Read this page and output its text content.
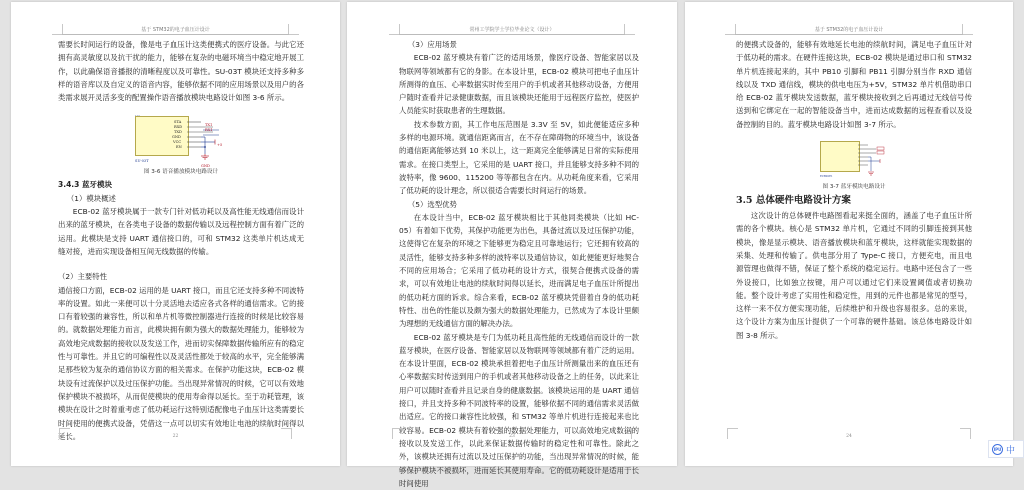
基于 STM32的电子血压计设计

需要长时间运行的设备，像是电子血压计这类便携式的医疗设备。与此它还拥有高灵敏度以及抗干扰的能力，能够在复杂的电磁环境当中稳定地开展工作，以此确保语音播报的清晰程度以及可靠性。SU-03T 模块还支持多种多样的语音库以及自定义的语音内容，能够依据不同的应用场景以及用户的各类需求展开灵活多变的配置操作语音播放模块电路设计如图 3-6 所示。

STA
RXD
TXD
GND
VCC
EN
TX1
RX1
+5
SU-03T
GND

图 3-6 语音播放模块电路设计

3.4.3 蓝牙模块

（1）模块概述

ECB-02 蓝牙模块属于一款专门针对低功耗以及高性能无线通信而设计出来的蓝牙模块，在各类电子设备的数据传输以及远程控制方面有着广泛的运用。此模块是支持 UART 通信接口的，可和 STM32 这类单片机达成无缝对接，进而实现设备相互间无线数据的传输。

（2）主要特性

通信接口方面，ECB-02 运用的是 UART 接口，而且它还支持多种不同波特率的设置。如此一来便可以十分灵活地去适应各式各样的通信需求。它的接口有着较强的兼容性，所以和单片机等微控制器进行连接的时候是比较容易的。就数据处理能力而言，此模块拥有颇为强大的数据处理能力，能够较为高效地完成数据的接收以及发送工作，进而切实保障数据传输所应有的稳定性与可靠性。并且它的可编程性以及灵活性都处于较高的水平，完全能够满足那些较为复杂的通信协议方面的相关需求。在保护功能这块，ECB-02 模块设有过流保护以及过压保护功能。当出现异常情况的时候，它可以有效地保护模块不被损坏，从而促使模块的使用寿命得以延长。至于功耗管理，该模块在设计之时着重考虑了低功耗运行这特别适配像电子血压计这类需要长时间使用的便携式设备，凭借这一点可以切实有效地让电池的续航时间得以延长。	22
常州工学院学士学位毕业论文（设计）

（3）应用场景

ECB-02 蓝牙模块有着广泛的适用场景，像医疗设备、智能家居以及物联网等领域都有它的身影。在本设计里，ECB-02 模块可把电子血压计所测得的血压、心率数据实时传至用户的手机或者其他移动设备，方便用户随时查看并记录健康数据，而且该模块还能用于远程医疗监控，使医护人员能实时获取患者的生理数据。

技术参数方面，其工作电压范围是 3.3V 至 5V，如此便能适应多种多样的电源环境。就通信距离而言，在不存在障碍物的环境当中，该设备的通信距离能够达到 10 米以上，这一距离完全能够满足日常的实际使用需求。在接口类型上，它采用的是 UART 接口，并且能够支持多种不同的波特率，像 9600、115200 等等都包含在内。从功耗角度来看，它采用了低功耗的设计理念，所以很适合需要长时间运行的场景。

（5）选型优势

在本设计当中，ECB-02 蓝牙模块相比于其他同类模块（比如 HC-05）有着如下优势，其保护功能更为出色，具备过流以及过压保护功能，这使得它在复杂的环境之下能够更为稳定且可靠地运行；它还拥有较高的灵活性，能够支持多种多样的波特率以及通信协议，如此便能更好地契合不同的应用场合；它采用了低功耗的设计方式，很契合便携式设备的需求，可以有效地让电池的续航时间得以延长，进而满足电子血压计所提出的低功耗方面的诉求。综合来看，ECB-02 蓝牙模块凭借着自身的低功耗特性、出色的性能以及颇为强大的数据处理能力，已然成为了本设计里颇为理想的无线通信方面的解决办法。

ECB-02 蓝牙模块是专门为低功耗且高性能的无线通信而设计的一款蓝牙模块，在医疗设备、智能家居以及物联网等领域都有着广泛的运用。在本设计里面，ECB-02 模块承担着把电子血压计所测量出来的血压还有心率数据实时传送到用户的手机或者其他移动设备之上的任务，以此来让用户可以随时查看并且记录自身的健康数据。该模块运用的是 UART 通信接口，并且支持多种不同波特率的设置，能够依据不同的通信需求灵活做出适应。它的接口兼容性比较强，和 STM32 等单片机进行连接起来也比较容易。ECB-02 模块有着较强的数据处理能力，可以高效地完成数据的接收以及发送工作，以此来保证数据传输时的稳定性和可靠性。除此之外，该模块还拥有过流以及过压保护的功能，当出现异常情况的时候，能够保护模块不被损坏，进而延长其使用寿命。它的低功耗设计是适用于长时间使用

23
基于 STM32的电子血压计设计

的便携式设备的，能够有效地延长电池的续航时间，满足电子血压计对于低功耗的需求。在硬件连接这块，ECB-02 模块是通过串口和 STM32 单片机连接起来的，其中 PB10 引脚和 PB11 引脚分别当作 RXD 通信线以及 TXD 通信线，模块的供电电压为+5V，STM32 单片机借助串口给 ECB-02 蓝牙模块发送数据，蓝牙模块接收到之后再通过无线信号传送到和它绑定在一起的智能设备当中，进而达成数据的远程查看以及设备控制的目的。蓝牙模块电路设计如图 3-7 所示。

ECB02E1

图 3-7 蓝牙模块电路设计

3.5 总体硬件电路设计方案

这次设计的总体硬件电路图看起来挺全面的，涵盖了电子血压计所需的各个模块。核心是 STM32 单片机，它通过不同的引脚连接到其他模块，像是显示模块、语音播放模块和蓝牙模块，这样就能实现数据的采集、处理和传输了。供电部分用了 Type-C 接口，方便充电，而且电源管理也做得不错，保证了整个系统的稳定运行。电路中还包含了一些外设接口，比如独立按键，用户可以通过它们来设置阈值或者切换功能。整个设计考虑了实用性和稳定性，用到的元件也都是常见的型号，这样一来不仅方便实现功能，后续维护和升级也容易很多。总的来说，这个设计方案为血压计提供了一个可靠的硬件基础。该总体电路设计如图 3-8 所示。

24
IPU 中
